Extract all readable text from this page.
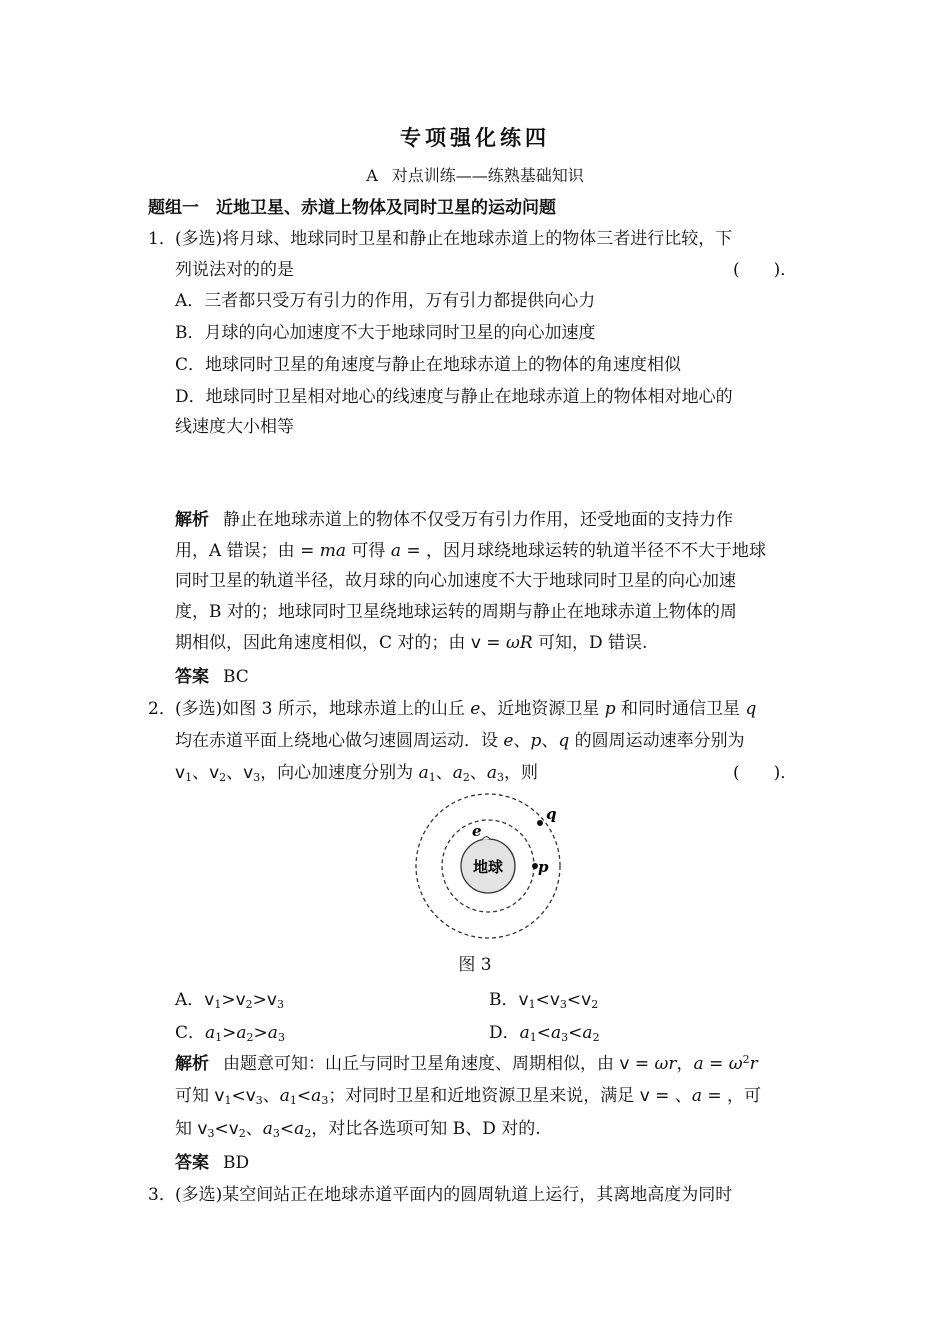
专项强化练四
A 对点训练——练熟基础知识
题组一　近地卫星、赤道上物体及同时卫星的运动问题
1． (多选)将月球、地球同时卫星和静止在地球赤道上的物体三者进行比较，下
列说法对的的是	(　　)．
A．三者都只受万有引力的作用，万有引力都提供向心力
B．月球的向心加速度不大于地球同时卫星的向心加速度
C．地球同时卫星的角速度与静止在地球赤道上的物体的角速度相似
D．地球同时卫星相对地心的线速度与静止在地球赤道上的物体相对地心的
线速度大小相等
解析 静止在地球赤道上的物体不仅受万有引力作用，还受地面的支持力作
用，A 错误；由 = ma 可得 a = ，因月球绕地球运转的轨道半径不不大于地球
同时卫星的轨道半径，故月球的向心加速度不大于地球同时卫星的向心加速
度，B 对的；地球同时卫星绕地球运转的周期与静止在地球赤道上物体的周
期相似，因此角速度相似，C 对的；由 v = ωR 可知，D 错误.
答案 BC
2． (多选)如图 3 所示，地球赤道上的山丘 e、近地资源卫星 p 和同时通信卫星 q
均在赤道平面上绕地心做匀速圆周运动．设 e、p、q 的圆周运动速率分别为
$v_1$、$v_2$、$v_3$，向心加速度分别为 $a_1$、$a_2$、$a_3$，则	(　　)．
地球
e
p
q
图 3
A．$v_1>v_2>v_3$	B．$v_1<v_3<v_2$
C．$a_1>a_2>a_3$	D．$a_1<a_3<a_2$
解析 由题意可知：山丘与同时卫星角速度、周期相似，由 v = ωr，$a = \omega^2r$
可知 $v_1<v_3$、$a_1<a_3$；对同时卫星和近地资源卫星来说，满足 v = 、a = ，可
知 $v_3<v_2$、$a_3<a_2$，对比各选项可知 B、D 对的.
答案 BD
3． (多选)某空间站正在地球赤道平面内的圆周轨道上运行，其离地高度为同时
